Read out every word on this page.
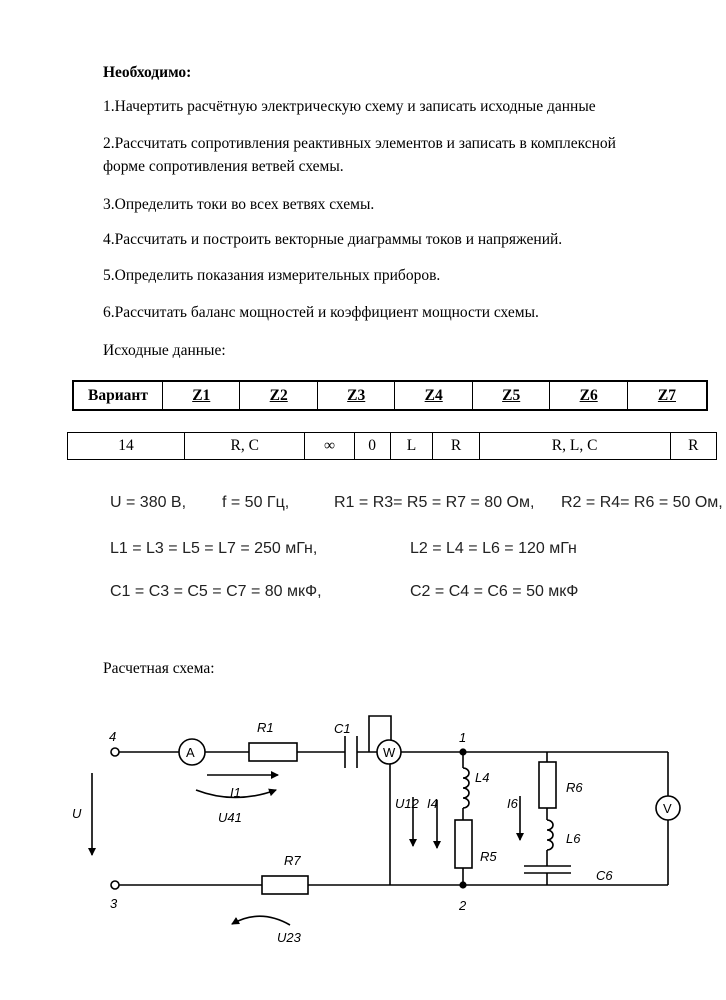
Необходимо:
1.Начертить расчётную электрическую схему и записать исходные данные
2.Рассчитать сопротивления реактивных элементов и записать в комплексной
форме сопротивления ветвей схемы.
3.Определить токи во всех ветвях схемы.
4.Рассчитать и построить векторные диаграммы токов и напряжений.
5.Определить показания измерительных приборов.
6.Рассчитать баланс мощностей и коэффициент мощности схемы.
Исходные данные:
Вариант	Z1	Z2	Z3	Z4	Z5	Z6	Z7
14	R, C	∞	0	L	R	R, L, C	R
U = 380 В, f = 50 Гц,	R1 = R3= R5 = R7 = 80 Ом, R2 = R4= R6 = 50 Ом,
L1 = L3 = L5 = L7 = 250 мГн,	L2 = L4 = L6 = 120 мГн
C1 = C3 = C5 = C7 = 80 мкФ,	C2 = C4 = C6 = 50 мкФ
Расчетная схема:
A	W
V
4
3
1
2
R1	C1
R7
L4
R5
R6
L6
C6
U
I1
U41
U12 I4	I6
U23
